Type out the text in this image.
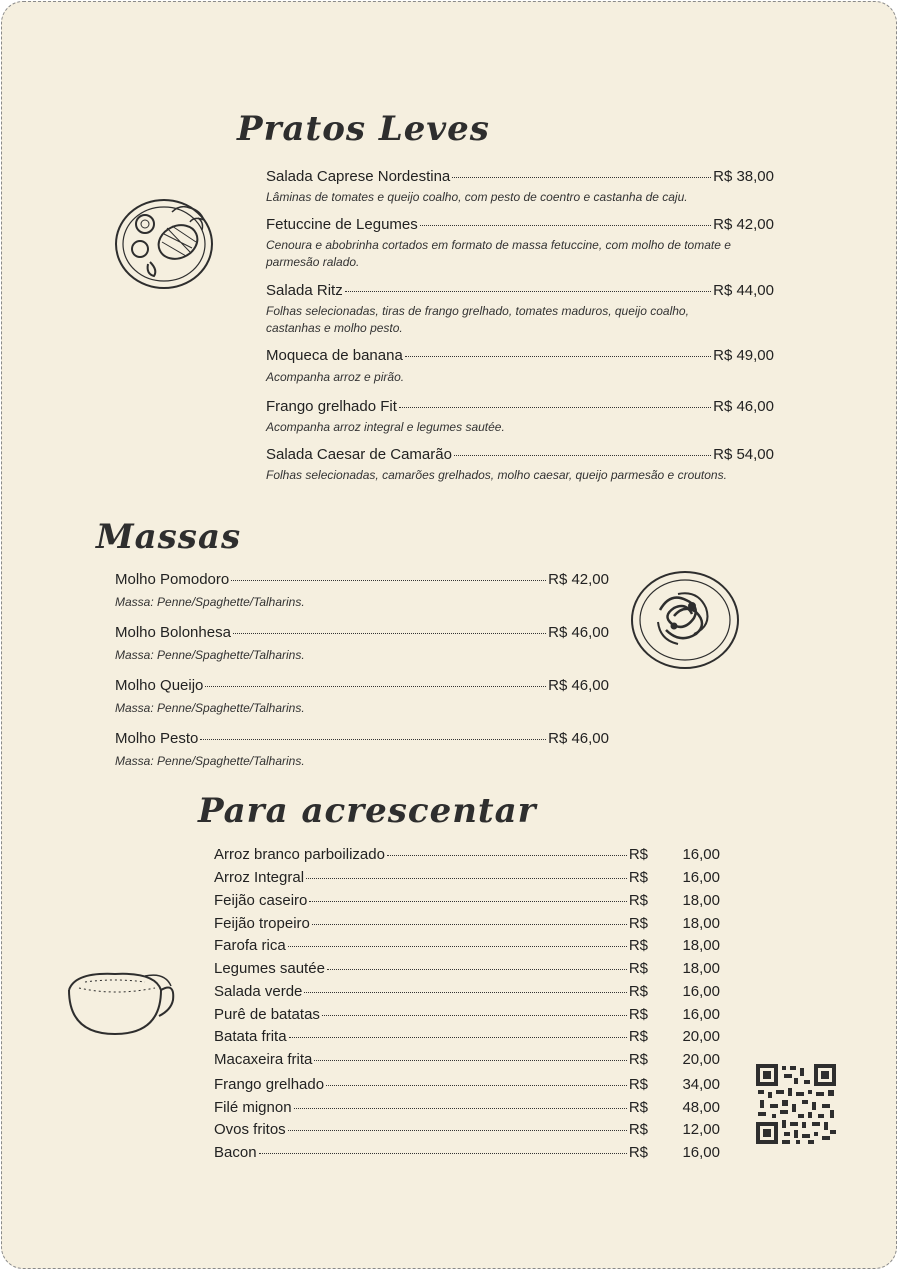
Pratos Leves
Salada Caprese Nordestina	R$ 38,00
Lâminas de tomates e queijo coalho, com pesto de coentro e castanha de caju.
Fetuccine de Legumes	R$ 42,00
Cenoura e abobrinha cortados em formato de massa fetuccine, com molho de tomate e parmesão ralado.
Salada Ritz	R$ 44,00
Folhas selecionadas, tiras de frango grelhado, tomates maduros, queijo coalho, castanhas e molho pesto.
Moqueca de banana	R$ 49,00
Acompanha arroz e pirão.
Frango grelhado Fit	R$ 46,00
Acompanha arroz integral e legumes sautée.
Salada Caesar de Camarão	R$ 54,00
Folhas selecionadas, camarões grelhados, molho caesar, queijo parmesão e croutons.
Massas
Molho Pomodoro	R$ 42,00
Massa: Penne/Spaghette/Talharins.
Molho Bolonhesa	R$ 46,00
Massa: Penne/Spaghette/Talharins.
Molho Queijo	R$ 46,00
Massa: Penne/Spaghette/Talharins.
Molho Pesto	R$ 46,00
Massa: Penne/Spaghette/Talharins.
Para acrescentar
Arroz branco parboilizado	R$	16,00
Arroz Integral	R$	16,00
Feijão caseiro	R$	18,00
Feijão tropeiro	R$	18,00
Farofa rica	R$	18,00
Legumes sautée	R$	18,00
Salada verde	R$	16,00
Purê de batatas	R$	16,00
Batata frita	R$	20,00
Macaxeira frita	R$	20,00
Frango grelhado	R$	34,00
Filé mignon	R$	48,00
Ovos fritos	R$	12,00
Bacon	R$	16,00
